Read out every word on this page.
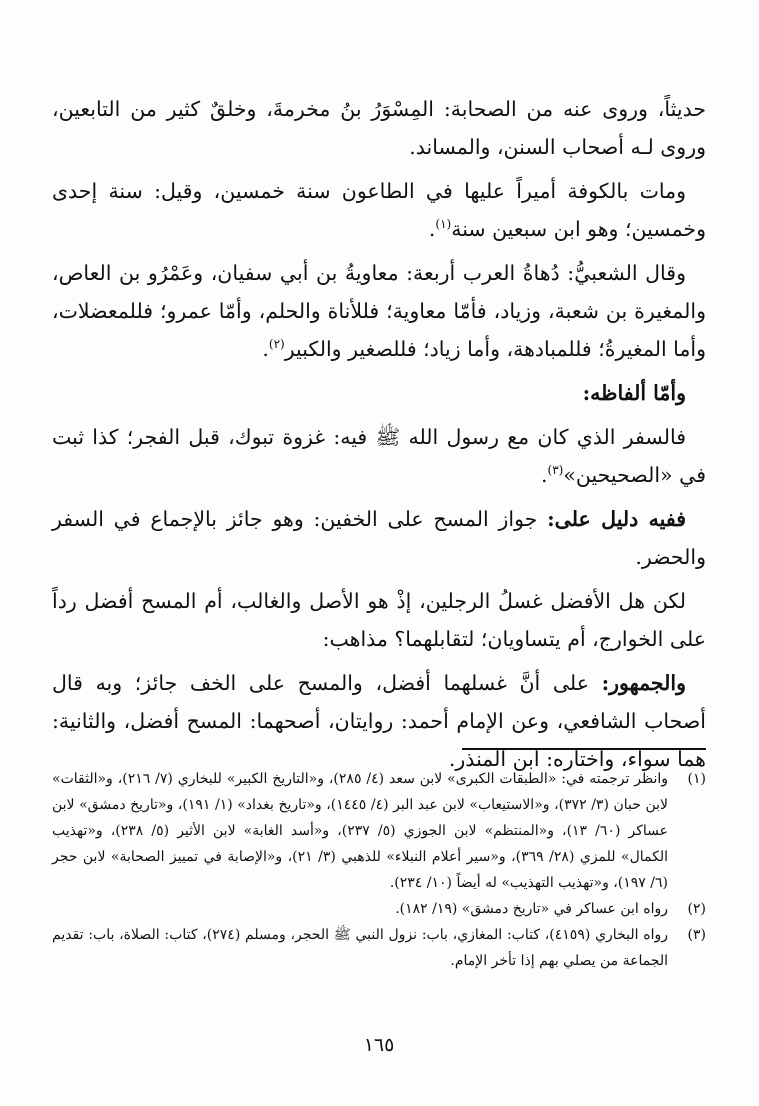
حديثاً، وروى عنه من الصحابة: المِسْوَرُ بنُ مخرمةَ، وخلقٌ كثير من التابعين، وروى لـه أصحاب السنن، والمساند.

ومات بالكوفة أميراً عليها في الطاعون سنة خمسين، وقيل: سنة إحدى وخمسين؛ وهو ابن سبعين سنة$^{(١)}$.

وقال الشعبيُّ: دُهاةُ العرب أربعة: معاويةُ بن أبي سفيان، وعَمْرُو بن العاص، والمغيرة بن شعبة، وزياد، فأمّا معاوية؛ فللأناة والحلم، وأمّا عمرو؛ فللمعضلات، وأما المغيرةُ؛ فللمبادهة، وأما زياد؛ فللصغير والكبير$^{(٢)}$.

وأمّا ألفاظه:

فالسفر الذي كان مع رسول الله ﷺ فيه: غزوة تبوك، قبل الفجر؛ كذا ثبت في «الصحيحين»$^{(٣)}$.

ففيه دليل على: جواز المسح على الخفين: وهو جائز بالإجماع في السفر والحضر.

لكن هل الأفضل غسلُ الرجلين، إذْ هو الأصل والغالب، أم المسح أفضل رداً على الخوارج، أم يتساويان؛ لتقابلهما؟ مذاهب:

والجمهور: على أنَّ غسلهما أفضل، والمسح على الخف جائز؛ وبه قال أصحاب الشافعي، وعن الإمام أحمد: روايتان، أصحهما: المسح أفضل، والثانية: هما سواء، واختاره: ابن المنذر.

(١)
وانظر ترجمته في: «الطبقات الكبرى» لابن سعد (٤/ ٢٨٥)، و«التاريخ الكبير» للبخاري (٧/ ٢١٦)، و«الثقات» لابن حبان (٣/ ٣٧٢)، و«الاستيعاب» لابن عبد البر (٤/ ١٤٤٥)، و«تاريخ بغداد» (١/ ١٩١)، و«تاريخ دمشق» لابن عساكر (٦٠/ ١٣)، و«المنتظم» لابن الجوزي (٥/ ٢٣٧)، و«أسد الغابة» لابن الأثير (٥/ ٢٣٨)، و«تهذيب الكمال» للمزي (٢٨/ ٣٦٩)، و«سير أعلام النبلاء» للذهبي (٣/ ٢١)، و«الإصابة في تمييز الصحابة» لابن حجر (٦/ ١٩٧)، و«تهذيب التهذيب» له أيضاً (١٠/ ٢٣٤).
(٢)
رواه ابن عساكر في «تاريخ دمشق» (١٩/ ١٨٢).
(٣)
رواه البخاري (٤١٥٩)، كتاب: المغازي، باب: نزول النبي ﷺ الحجر، ومسلم (٢٧٤)، كتاب: الصلاة، باب: تقديم الجماعة من يصلي بهم إذا تأخر الإمام.
١٦٥
